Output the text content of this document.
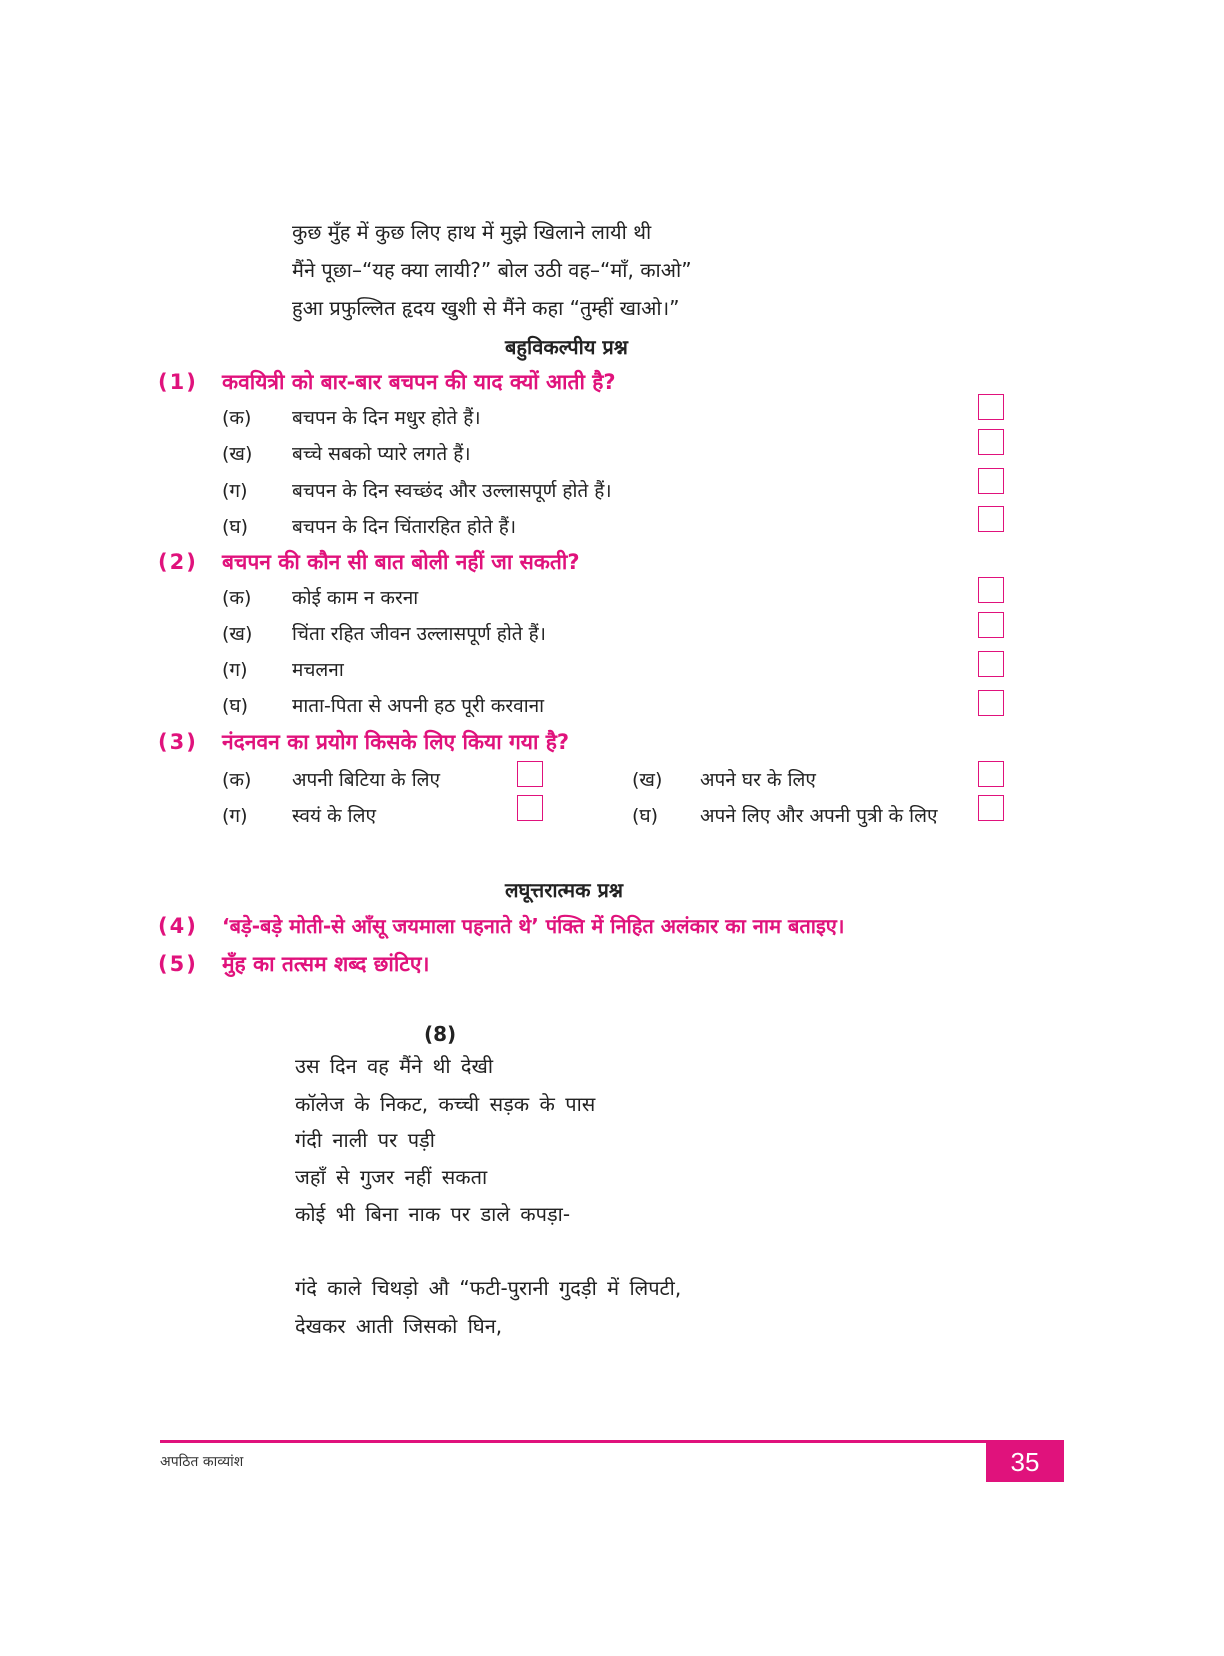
कुछ मुँह में कुछ लिए हाथ में मुझे खिलाने लायी थी
मैंने पूछा–“यह क्या लायी?” बोल उठी वह–“माँ, काओ”
हुआ प्रफुल्लित हृदय खुशी से मैंने कहा “तुम्हीं खाओ।”
बहुविकल्पीय प्रश्न
(1) कवयित्री को बार-बार बचपन की याद क्यों आती है?
(क) बचपन के दिन मधुर होते हैं।
(ख) बच्चे सबको प्यारे लगते हैं।
(ग) बचपन के दिन स्वच्छंद और उल्लासपूर्ण होते हैं।
(घ) बचपन के दिन चिंतारहित होते हैं।
(2) बचपन की कौन सी बात बोली नहीं जा सकती?
(क) कोई काम न करना
(ख) चिंता रहित जीवन उल्लासपूर्ण होते हैं।
(ग) मचलना
(घ) माता-पिता से अपनी हठ पूरी करवाना
(3) नंदनवन का प्रयोग किसके लिए किया गया है?
(क) अपनी बिटिया के लिए	(ख) अपने घर के लिए
(ग) स्वयं के लिए	(घ) अपने लिए और अपनी पुत्री के लिए
लघूत्तरात्मक प्रश्न
(4) ‘बड़े-बड़े मोती-से आँसू जयमाला पहनाते थे’ पंक्ति में निहित अलंकार का नाम बताइए।
(5) मुँह का तत्सम शब्द छांटिए।
(8)
उस दिन वह मैंने थी देखी
कॉलेज के निकट, कच्ची सड़क के पास
गंदी नाली पर पड़ी
जहाँ से गुजर नहीं सकता
कोई भी बिना नाक पर डाले कपड़ा-
गंदे काले चिथड़ो औ “फटी-पुरानी गुदड़ी में लिपटी,
देखकर आती जिसको घिन,
अपठित काव्यांश	35
